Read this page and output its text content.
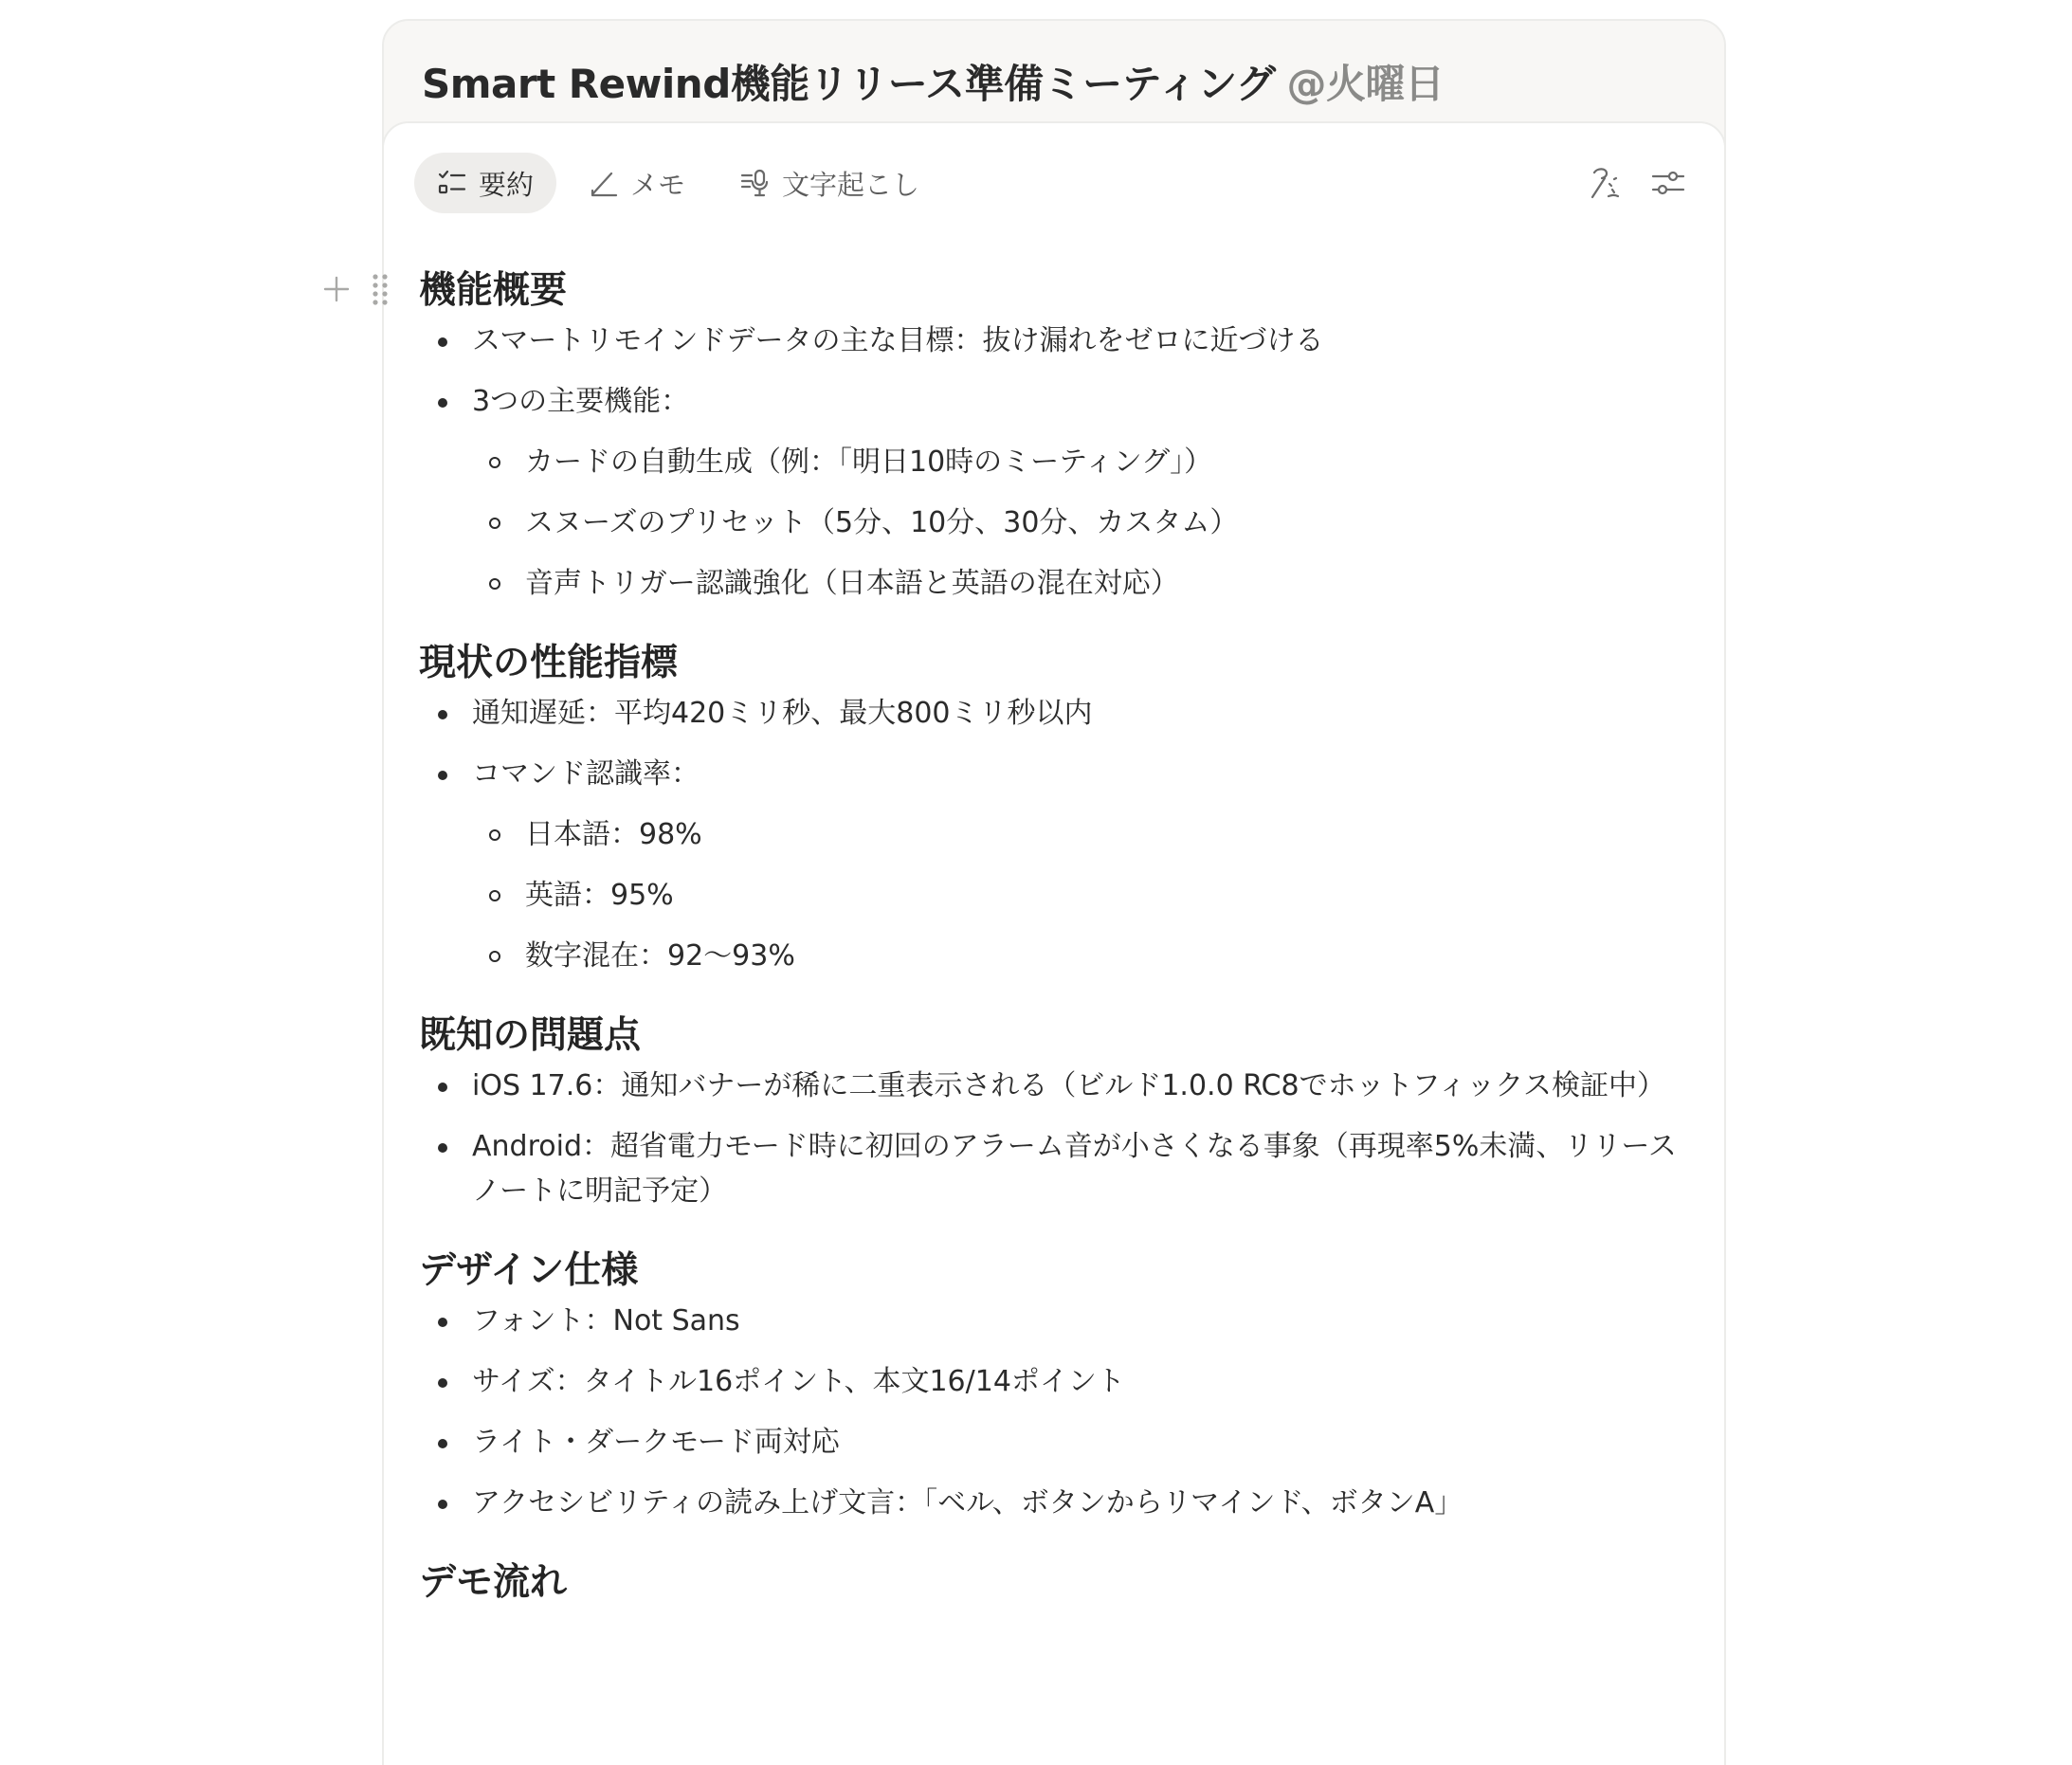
Smart Rewind機能リリース準備ミーティング @火曜日
要約	メモ	文字起こし
機能概要
スマートリモインドデータの主な目標：抜け漏れをゼロに近づける
3つの主要機能：
カードの自動生成（例：「明日10時のミーティング」）
スヌーズのプリセット（5分、10分、30分、カスタム）
音声トリガー認識強化（日本語と英語の混在対応）
現状の性能指標
通知遅延：平均420ミリ秒、最大800ミリ秒以内
コマンド認識率：
日本語：98%
英語：95%
数字混在：92〜93%
既知の問題点
iOS 17.6：通知バナーが稀に二重表示される（ビルド1.0.0 RC8でホットフィックス検証中）
Android：超省電力モード時に初回のアラーム音が小さくなる事象（再現率5%未満、リリースノートに明記予定）
デザイン仕様
フォント：Not Sans
サイズ：タイトル16ポイント、本文16/14ポイント
ライト・ダークモード両対応
アクセシビリティの読み上げ文言：「ベル、ボタンからリマインド、ボタンA」
デモ流れ
